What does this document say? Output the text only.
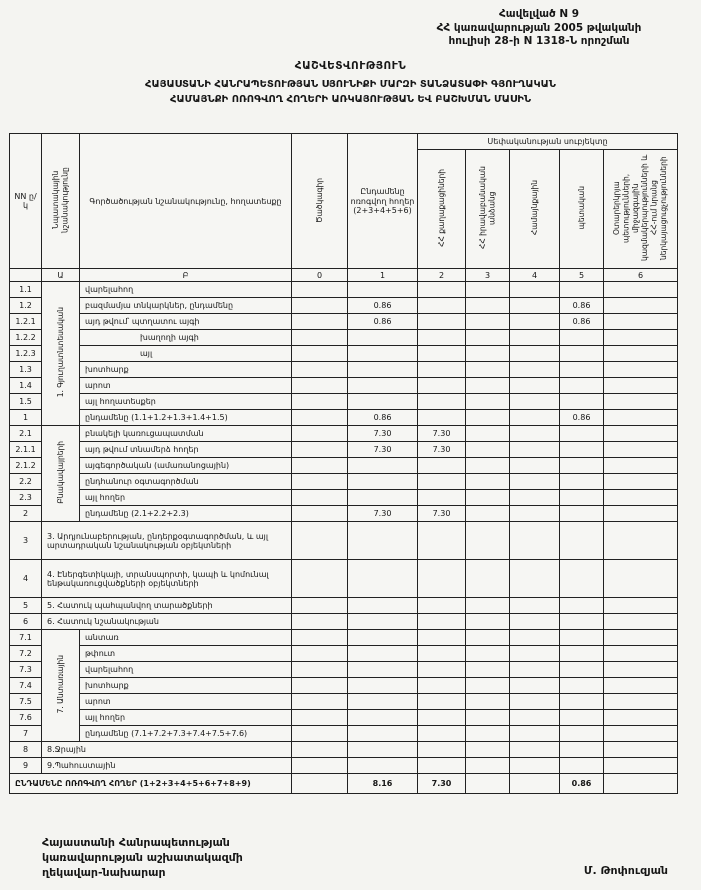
Հավելված N 9
ՀՀ կառավարության 2005 թվականի
հուլիսի 28-ի N 1318-Ն որոշման
ՀԱՇՎԵՏՎՈՒԹՅՈՒՆ
ՀԱՅԱՍՏԱՆԻ ՀԱՆՐԱՊԵՏՈՒԹՅԱՆ ՍՅՈՒՆԻՔԻ ՄԱՐԶԻ ՏԱՆՁԱՏԱՓԻ ԳՅՈՒՂԱԿԱՆ
ՀԱՄԱՅՆՔԻ ՈՌՈԳՎՈՂ ՀՈՂԵՐԻ ԱՌԿԱՅՈՒԹՅԱՆ ԵՎ ԲԱՇԽՄԱՆ ՄԱՍԻՆ
NN ը/կ	Նպատակային նշանակությունը	Գործածության նշանակությունը, հողատեսքը	Ծածկագիր	Ընդամենը ոռոգվող հողեր (2+3+4+5+6)	Սեփականության սուբյեկտը				
					ՀՀ քաղաքացիների	ՀՀ իրավաբանական անձանց	Համայնքային	պետական	Օտարերկրյա պետությունների, միջազգային կազմակերպությունների և ՀՀ-ում նրանց ներկայացուցչությունների
	Ա	Բ	0	1	2	3	4	5	6
1.1	1. Գյուղատնտեսական	վարելահող							
1.2		բազմամյա տնկարկներ, ընդամենը		0.86				0.86	
1.2.1		այդ թվում՝ պտղատու այգի		0.86				0.86	
1.2.2		խաղողի այգի							
1.2.3		այլ							
1.3		խոտհարք							
1.4		արոտ							
1.5		այլ հողատեսքեր							
1		ընդամենը (1.1+1.2+1.3+1.4+1.5)		0.86				0.86	
2.1	Բնակավայրերի	բնակելի կառուցապատման		7.30	7.30				
2.1.1		այդ թվում տնամերձ հողեր		7.30	7.30				
2.1.2		այգեգործական (ամառանոցային)							
2.2		ընդհանուր օգտագործման							
2.3		այլ հողեր							
2		ընդամենը (2.1+2.2+2.3)		7.30	7.30				
3	3. Արդյունաբերության, ընդերքօգտագործման, և այլ արտադրական նշանակության օբյեկտների								
4	4. Էներգետիկայի, տրանսպորտի, կապի և կոմունալ ենթակառուցվածքների օբյեկտների								
5	5. Հատուկ պահպանվող տարածքների								
6	6. Հատուկ նշանակության								
7.1	7. Անտառային	անտառ							
7.2		թփուտ							
7.3		վարելահող							
7.4		խոտհարք							
7.5		արոտ							
7.6		այլ հողեր							
7		ընդամենը (7.1+7.2+7.3+7.4+7.5+7.6)							
8	8.Ջրային								
9	9.Պահուստային								
ԸՆԴԱՄԵՆԸ ՈՌՈԳՎՈՂ ՀՈՂԵՐ (1+2+3+4+5+6+7+8+9)				8.16	7.30			0.86	
Հայաստանի Հանրապետության
կառավարության աշխատակազմի
ղեկավար-նախարար	Մ. Թոփուզյան
